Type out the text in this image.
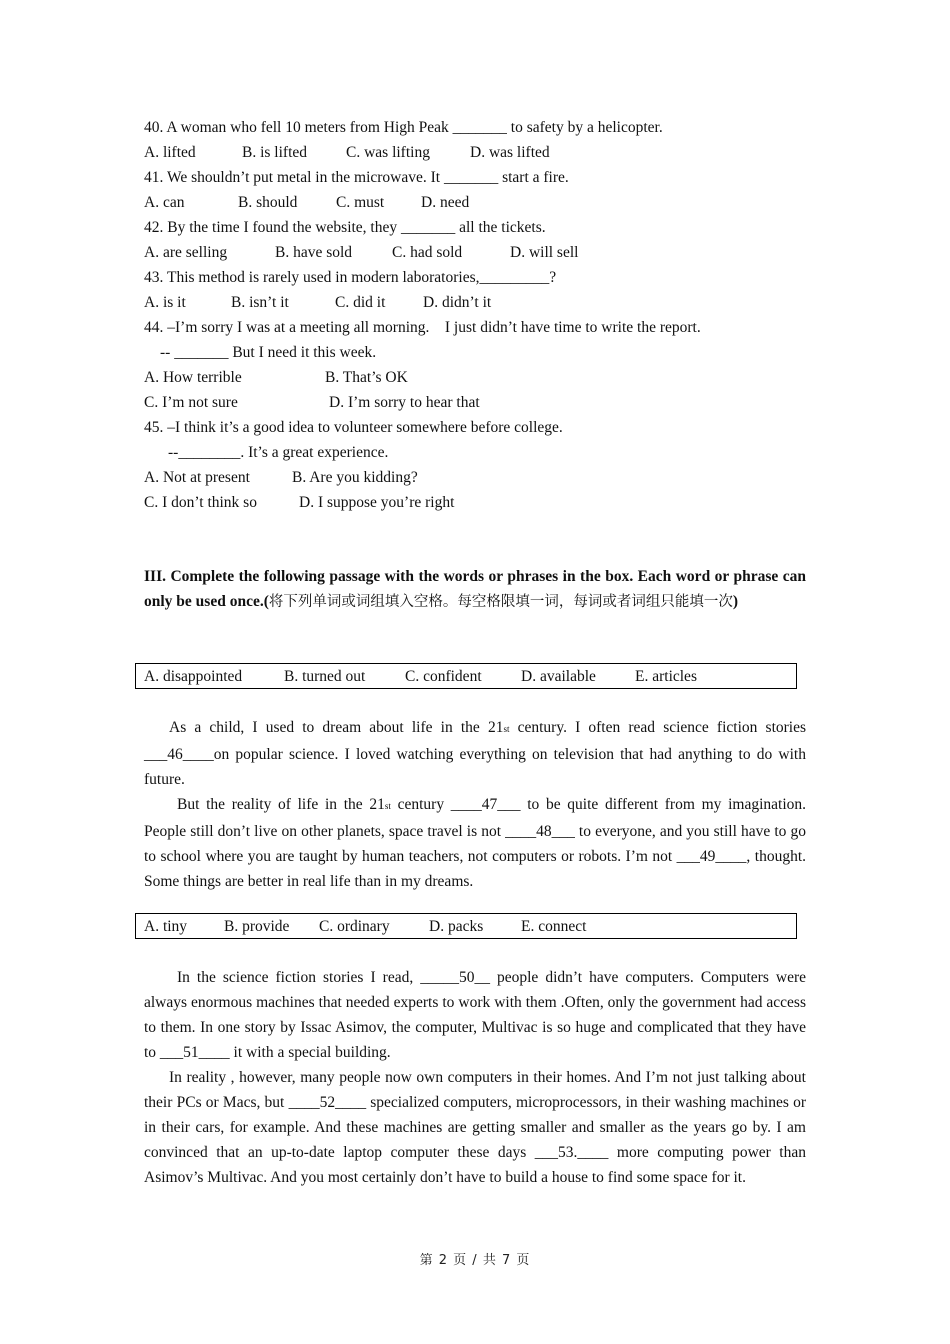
40. A woman who fell 10 meters from High Peak _______ to safety by a helicopter.
A. lifted	B. is lifted	C. was lifting	D. was lifted
41. We shouldn’t put metal in the microwave. It _______ start a fire.
A. can	B. should C. must D. need
42. By the time I found the website, they _______ all the tickets.
A. are selling	B. have sold	C. had sold	D. will sell
43. This method is rarely used in modern laboratories,_________?
A. is it	B. isn’t it	C. did it D. didn’t it
44. –I’m sorry I was at a meeting all morning.    I just didn’t have time to write the report.
-- _______ But I need it this week.
A. How terrible	B. That’s OK
C. I’m not sure	D. I’m sorry to hear that
45. –I think it’s a good idea to volunteer somewhere before college.
--________. It’s a great experience.
A. Not at present	B. Are you kidding?
C. I don’t think so	D. I suppose you’re right
III. Complete the following passage with the words or phrases in the box. Each word or phrase can only be used once.(将下列单词或词组填入空格。每空格限填一词，每词或者词组只能填一次)
A. disappointed	B. turned out	C. confident	D. available	E. articles

As a child, I used to dream about life in the 21st century. I often read science fiction stories ___46____on popular science. I loved watching everything on television that had anything to do with future.

But the reality of life in the 21st century ____47___ to be quite different from my imagination. People still don’t live on other planets, space travel is not ____48___ to everyone, and you still have to go to school where you are taught by human teachers, not computers or robots. I’m not ___49____, thought. Some things are better in real life than in my dreams.

A. tiny B. provide C. ordinary	D. packs E. connect

In the science fiction stories I read, _____50__ people didn’t have computers. Computers were always enormous machines that needed experts to work with them .Often, only the government had access to them. In one story by Issac Asimov, the computer, Multivac is so huge and complicated that they have to ___51____ it with a special building.

In reality , however, many people now own computers in their homes. And I’m not just talking about their PCs or Macs, but ____52____ specialized computers, microprocessors, in their washing machines or in their cars, for example. And these machines are getting smaller and smaller as the years go by. I am convinced that an up-to-date laptop computer these days ___53.____ more computing power than Asimov’s Multivac. And you most certainly don’t have to build a house to find some space for it.

第 2 页 / 共 7 页
